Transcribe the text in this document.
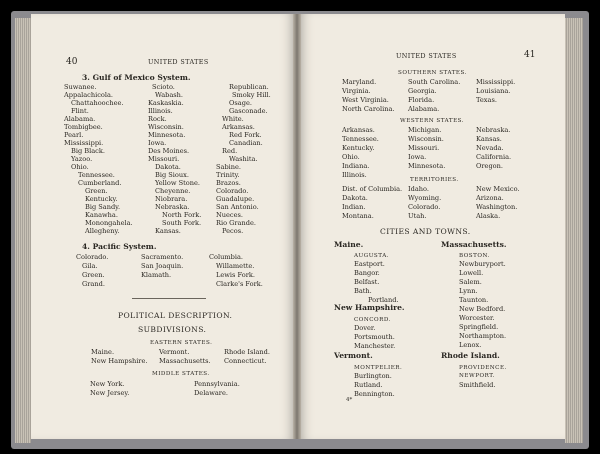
40	UNITED STATES
3. Gulf of Mexico System.
Suwanee.
Appalachicola.
Chattahoochee.
Flint.
Alabama.
Tombigbee.
Pearl.
Mississippi.
Big Black.
Yazoo.
Ohio.
Tennessee.
Cumberland.
Green.
Kentucky.
Big Sandy.
Kanawha.
Monongahela.
Allegheny.
Scioto.
Wabash.
Kaskaskia.
Illinois.
Rock.
Wisconsin.
Minnesota.
Iowa.
Des Moines.
Missouri.
Dakota.
Big Sioux.
Yellow Stone.
Cheyenne.
Niobrara.
Nebraska.
North Fork.
South Fork.
Kansas.
Republican.
Smoky Hill.
Osage.
Gasconade.
White.
Arkansas.
Red Fork.
Canadian.
Red.
Washita.
Sabine.
Trinity.
Brazos.
Colorado.
Guadalupe.
San Antonio.
Nueces.
Rio Grande.
Pecos.
4. Pacific System.
Colorado.
Gila.
Green.
Grand.
Sacramento.
San Joaquin.
Klamath.
Columbia.
Willamette.
Lewis Fork.
Clarke's Fork.
POLITICAL DESCRIPTION.
SUBDIVISIONS.
EASTERN STATES.
Maine.
New Hampshire.
Vermont.
Massachusetts.
Rhode Island.
Connecticut.
MIDDLE STATES.
New York.
New Jersey.
Pennsylvania.
Delaware.
UNITED STATES	41
SOUTHERN STATES.
Maryland.
Virginia.
West Virginia.
North Carolina.
South Carolina.
Georgia.
Florida.
Alabama.
Mississippi.
Louisiana.
Texas.
WESTERN STATES.
Arkansas.
Tennessee.
Kentucky.
Ohio.
Indiana.
Illinois.
Michigan.
Wisconsin.
Missouri.
Iowa.
Minnesota.
Nebraska.
Kansas.
Nevada.
California.
Oregon.
TERRITORIES.
Dist. of Columbia.
Dakota.
Indian.
Montana.
Idaho.
Wyoming.
Colorado.
Utah.
New Mexico.
Arizona.
Washington.
Alaska.
CITIES AND TOWNS.
Maine.
AUGUSTA.
Eastport.
Bangor.
Belfast.
Bath.
Portland.
New Hampshire.
CONCORD.
Dover.
Portsmouth.
Manchester.
Vermont.
MONTPELIER.
Burlington.
Rutland.
Bennington.
Massachusetts.
BOSTON.
Newburyport.
Lowell.
Salem.
Lynn.
Taunton.
New Bedford.
Worcester.
Springfield.
Northampton.
Lenox.
Rhode Island.
PROVIDENCE.
NEWPORT.
Smithfield.
4*
